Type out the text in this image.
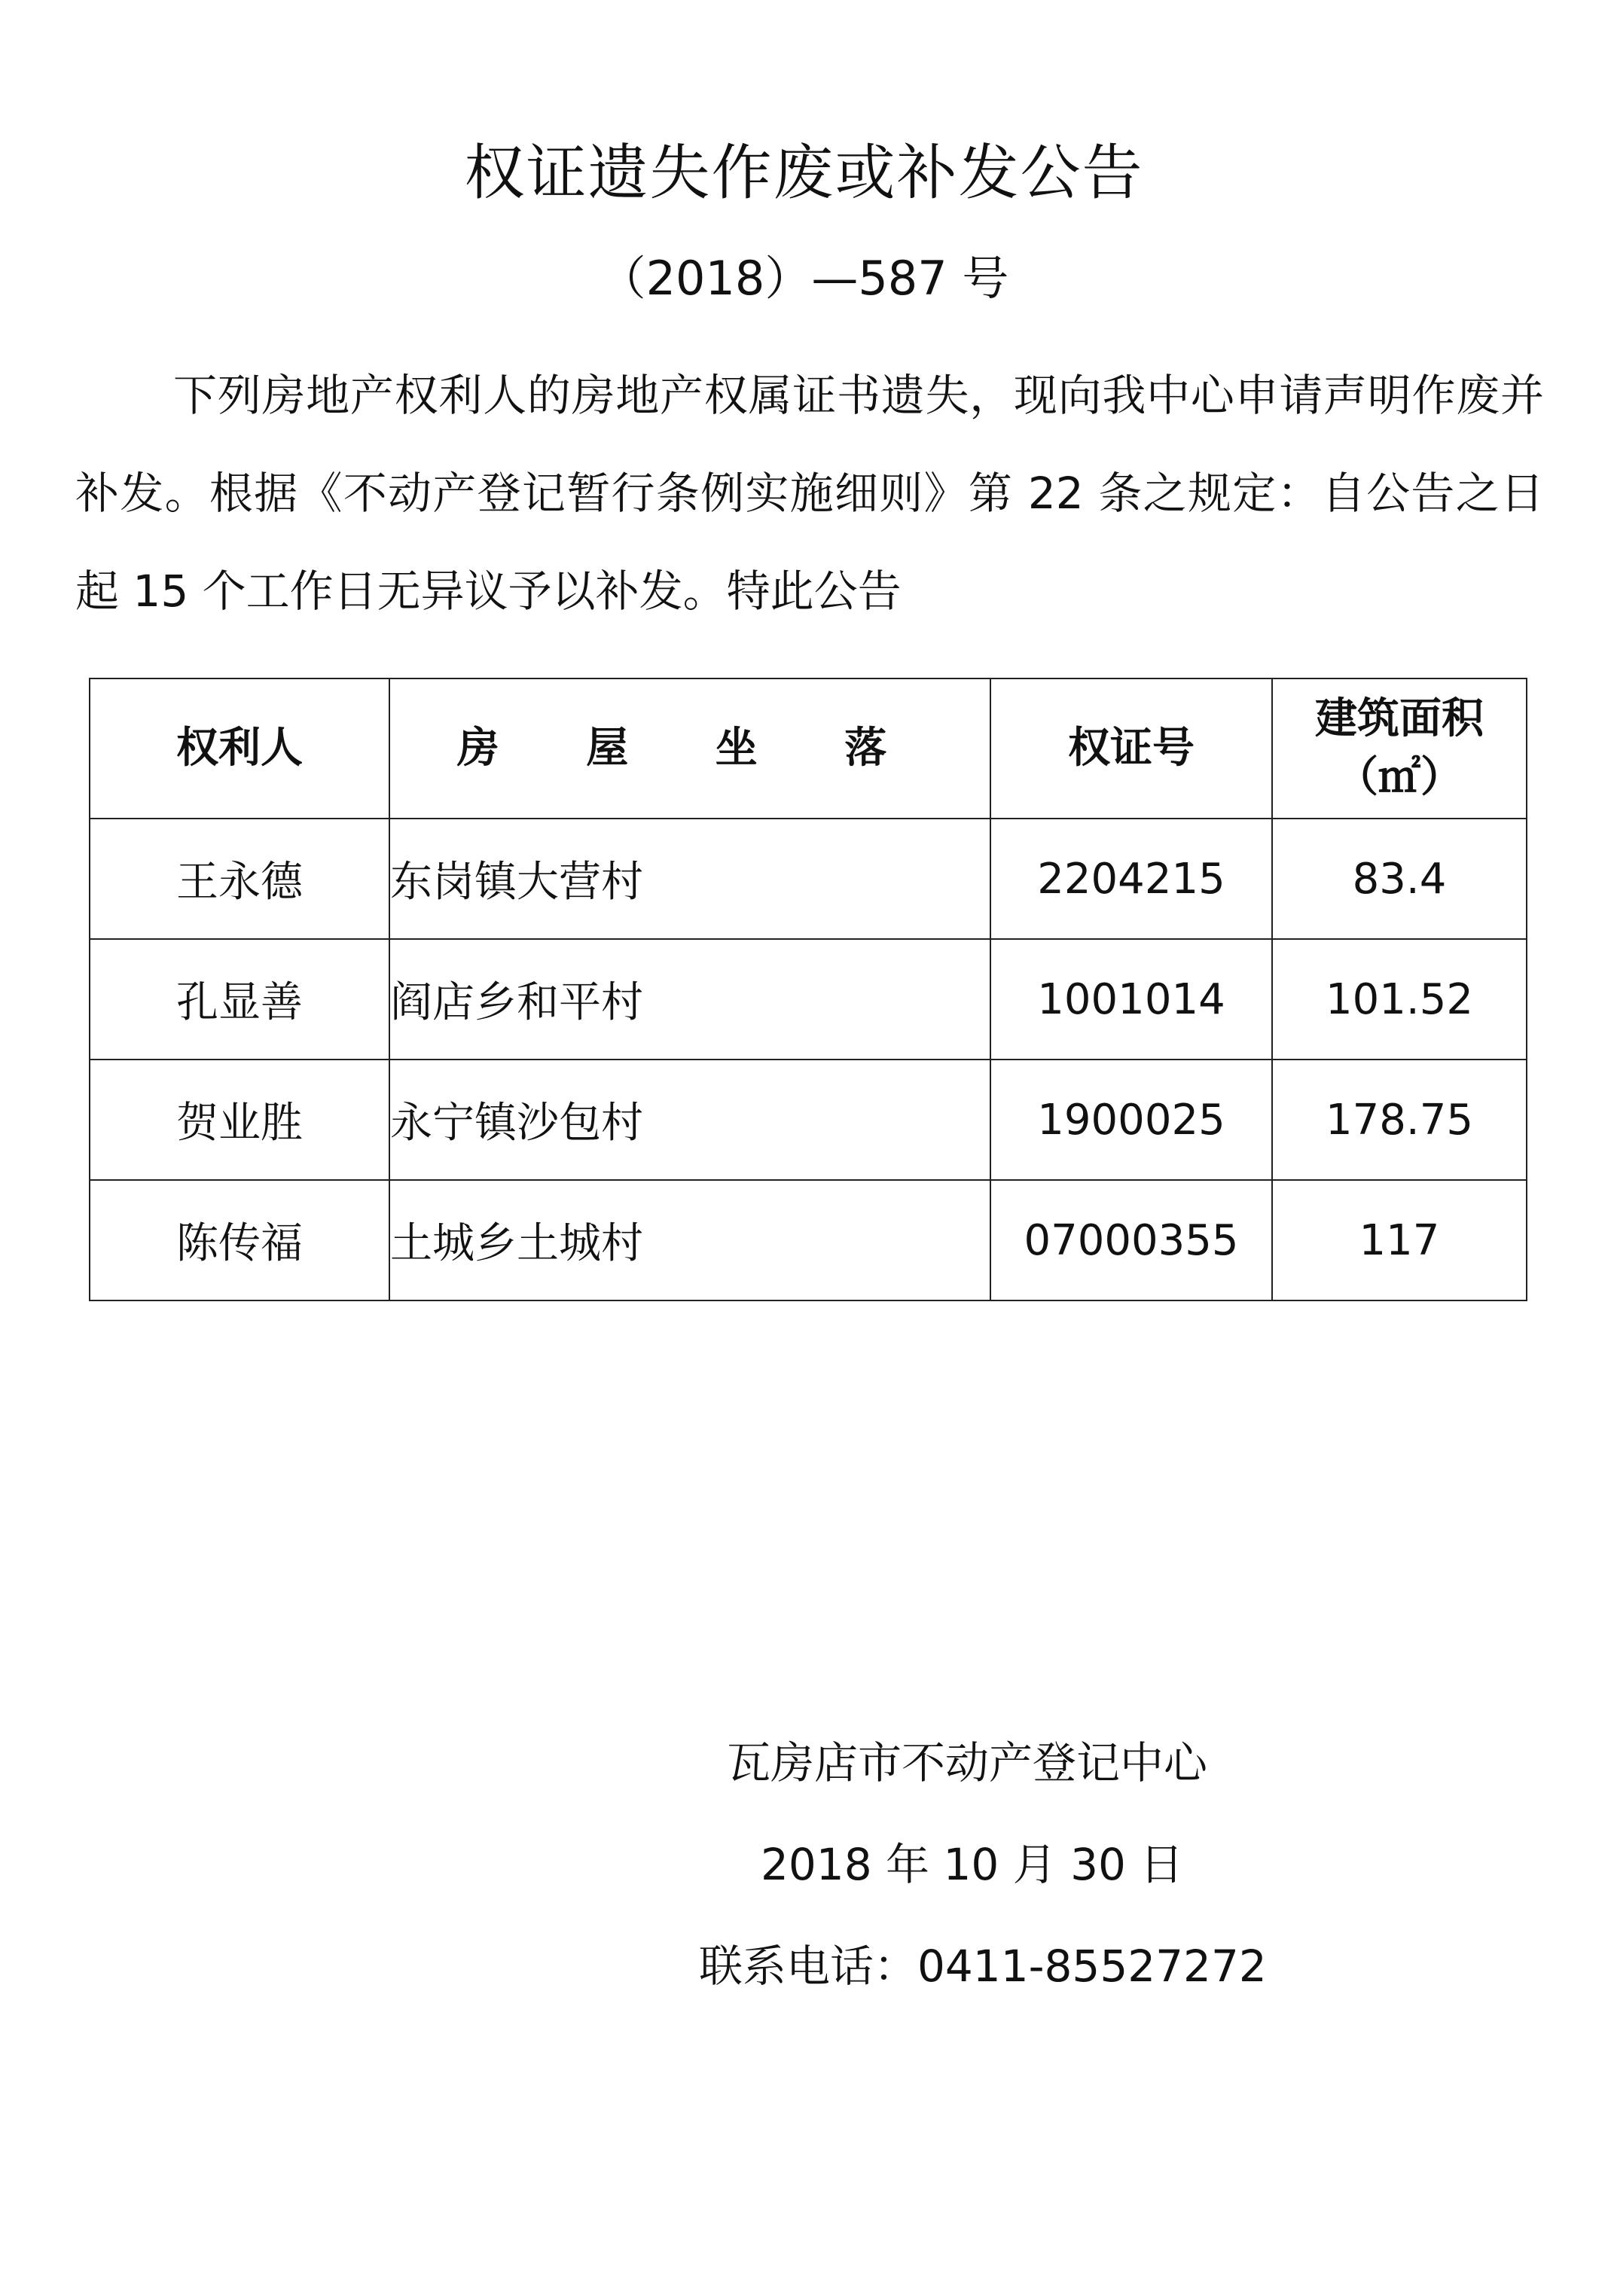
权证遗失作废或补发公告
（2018）—587 号

下列房地产权利人的房地产权属证书遗失，现向我中心申请声明作废并补发。根据《不动产登记暂行条例实施细则》第 22 条之规定：自公告之日起 15 个工作日无异议予以补发。特此公告

权利人	房 屋 坐 落	权证号	建筑面积
（㎡）

王永德	东岗镇大营村	2204215	83.4
孔显善	阎店乡和平村	1001014	101.52
贺业胜	永宁镇沙包村	1900025	178.75
陈传福	土城乡土城村	07000355	117
瓦房店市不动产登记中心
2018 年 10 月 30 日
联系电话：0411-85527272
